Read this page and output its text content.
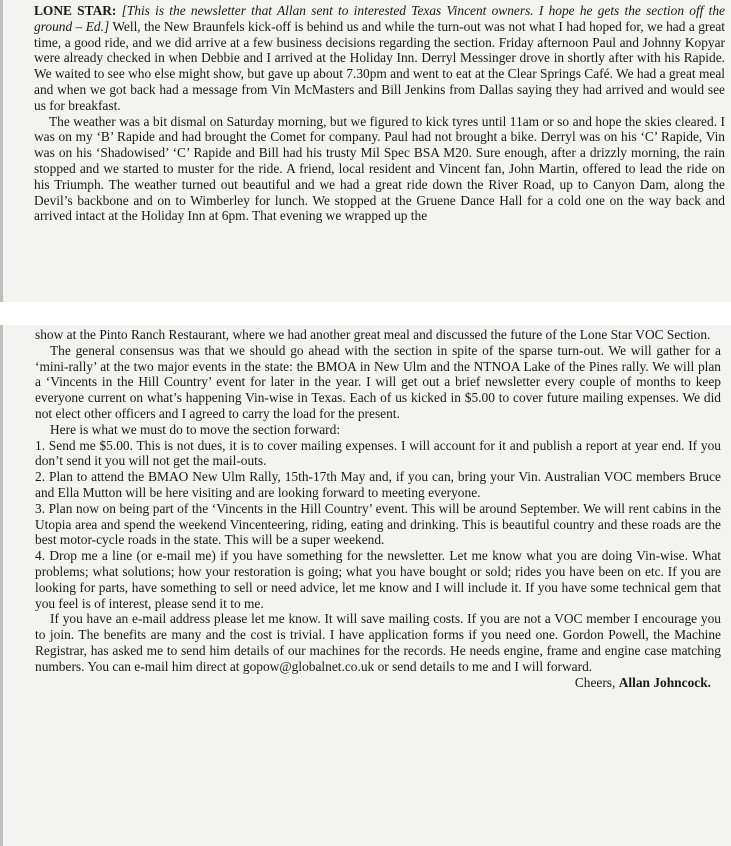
LONE STAR: [This is the newsletter that Allan sent to interested Texas Vincent owners. I hope he gets the section off the ground – Ed.] Well, the New Braunfels kick-off is behind us and while the turn-out was not what I had hoped for, we had a great time, a good ride, and we did arrive at a few business decisions regarding the section. Friday afternoon Paul and Johnny Kopyar were already checked in when Debbie and I arrived at the Holiday Inn. Derryl Messinger drove in shortly after with his Rapide. We waited to see who else might show, but gave up about 7.30pm and went to eat at the Clear Springs Café. We had a great meal and when we got back had a message from Vin McMasters and Bill Jenkins from Dallas saying they had arrived and would see us for breakfast.

The weather was a bit dismal on Saturday morning, but we figured to kick tyres until 11am or so and hope the skies cleared. I was on my ‘B’ Rapide and had brought the Comet for company. Paul had not brought a bike. Derryl was on his ‘C’ Rapide, Vin was on his ‘Shadowised’ ‘C’ Rapide and Bill had his trusty Mil Spec BSA M20. Sure enough, after a drizzly morning, the rain stopped and we started to muster for the ride. A friend, local resident and Vincent fan, John Martin, offered to lead the ride on his Triumph. The weather turned out beautiful and we had a great ride down the River Road, up to Canyon Dam, along the Devil’s backbone and on to Wimberley for lunch. We stopped at the Gruene Dance Hall for a cold one on the way back and arrived intact at the Holiday Inn at 6pm. That evening we wrapped up the

show at the Pinto Ranch Restaurant, where we had another great meal and discussed the future of the Lone Star VOC Section.

The general consensus was that we should go ahead with the section in spite of the sparse turn-out. We will gather for a ‘mini-rally’ at the two major events in the state: the BMOA in New Ulm and the NTNOA Lake of the Pines rally. We will plan a ‘Vincents in the Hill Country’ event for later in the year. I will get out a brief newsletter every couple of months to keep everyone current on what’s happening Vin-wise in Texas. Each of us kicked in $5.00 to cover future mailing expenses. We did not elect other officers and I agreed to carry the load for the present.

Here is what we must do to move the section forward:

1. Send me $5.00. This is not dues, it is to cover mailing expenses. I will account for it and publish a report at year end. If you don’t send it you will not get the mail-outs.

2. Plan to attend the BMAO New Ulm Rally, 15th-17th May and, if you can, bring your Vin. Australian VOC members Bruce and Ella Mutton will be here visiting and are looking forward to meeting everyone.

3. Plan now on being part of the ‘Vincents in the Hill Country’ event. This will be around September. We will rent cabins in the Utopia area and spend the weekend Vincenteering, riding, eating and drinking. This is beautiful country and these roads are the best motor-cycle roads in the state. This will be a super weekend.

4. Drop me a line (or e-mail me) if you have something for the newsletter. Let me know what you are doing Vin-wise. What problems; what solutions; how your restoration is going; what you have bought or sold; rides you have been on etc. If you are looking for parts, have something to sell or need advice, let me know and I will include it. If you have some technical gem that you feel is of interest, please send it to me.

If you have an e-mail address please let me know. It will save mailing costs. If you are not a VOC member I encourage you to join. The benefits are many and the cost is trivial. I have application forms if you need one. Gordon Powell, the Machine Registrar, has asked me to send him details of our machines for the records. He needs engine, frame and engine case matching numbers. You can e-mail him direct at gopow@globalnet.co.uk or send details to me and I will forward.

Cheers, Allan Johncock.
